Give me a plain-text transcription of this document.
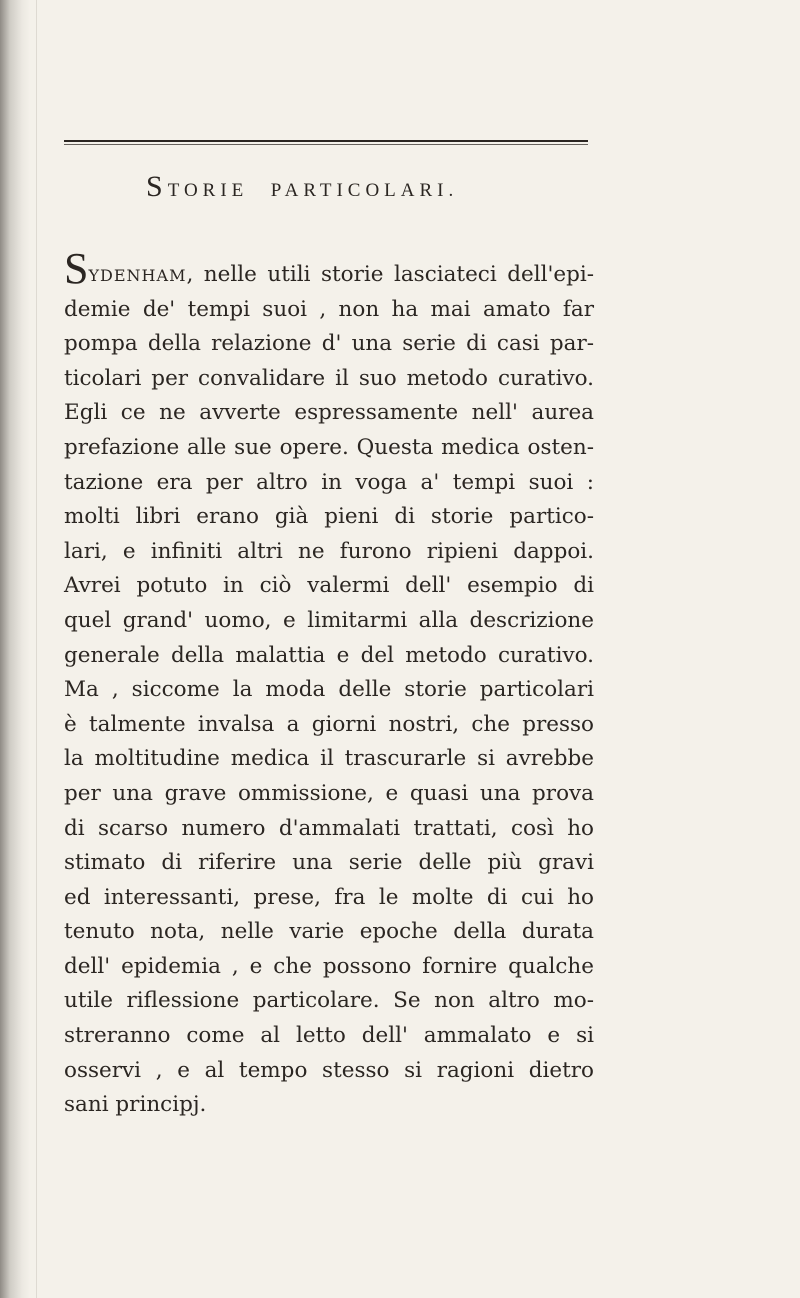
STORIE PARTICOLARI.
SYDENHAM, nelle utili storie lasciateci dell'epi-
demie de' tempi suoi , non ha mai amato far
pompa della relazione d' una serie di casi par-
ticolari per convalidare il suo metodo curativo.
Egli ce ne avverte espressamente nell' aurea
prefazione alle sue opere. Questa medica osten-
tazione era per altro in voga a' tempi suoi :
molti libri erano già pieni di storie partico-
lari, e infiniti altri ne furono ripieni dappoi.
Avrei potuto in ciò valermi dell' esempio di
quel grand' uomo, e limitarmi alla descrizione
generale della malattia e del metodo curativo.
Ma , siccome la moda delle storie particolari
è talmente invalsa a giorni nostri, che presso
la moltitudine medica il trascurarle si avrebbe
per una grave ommissione, e quasi una prova
di scarso numero d'ammalati trattati, così ho
stimato di riferire una serie delle più gravi
ed interessanti, prese, fra le molte di cui ho
tenuto nota, nelle varie epoche della durata
dell' epidemia , e che possono fornire qualche
utile riflessione particolare. Se non altro mo-
streranno come al letto dell' ammalato e si
osservi , e al tempo stesso si ragioni dietro
sani principj.
